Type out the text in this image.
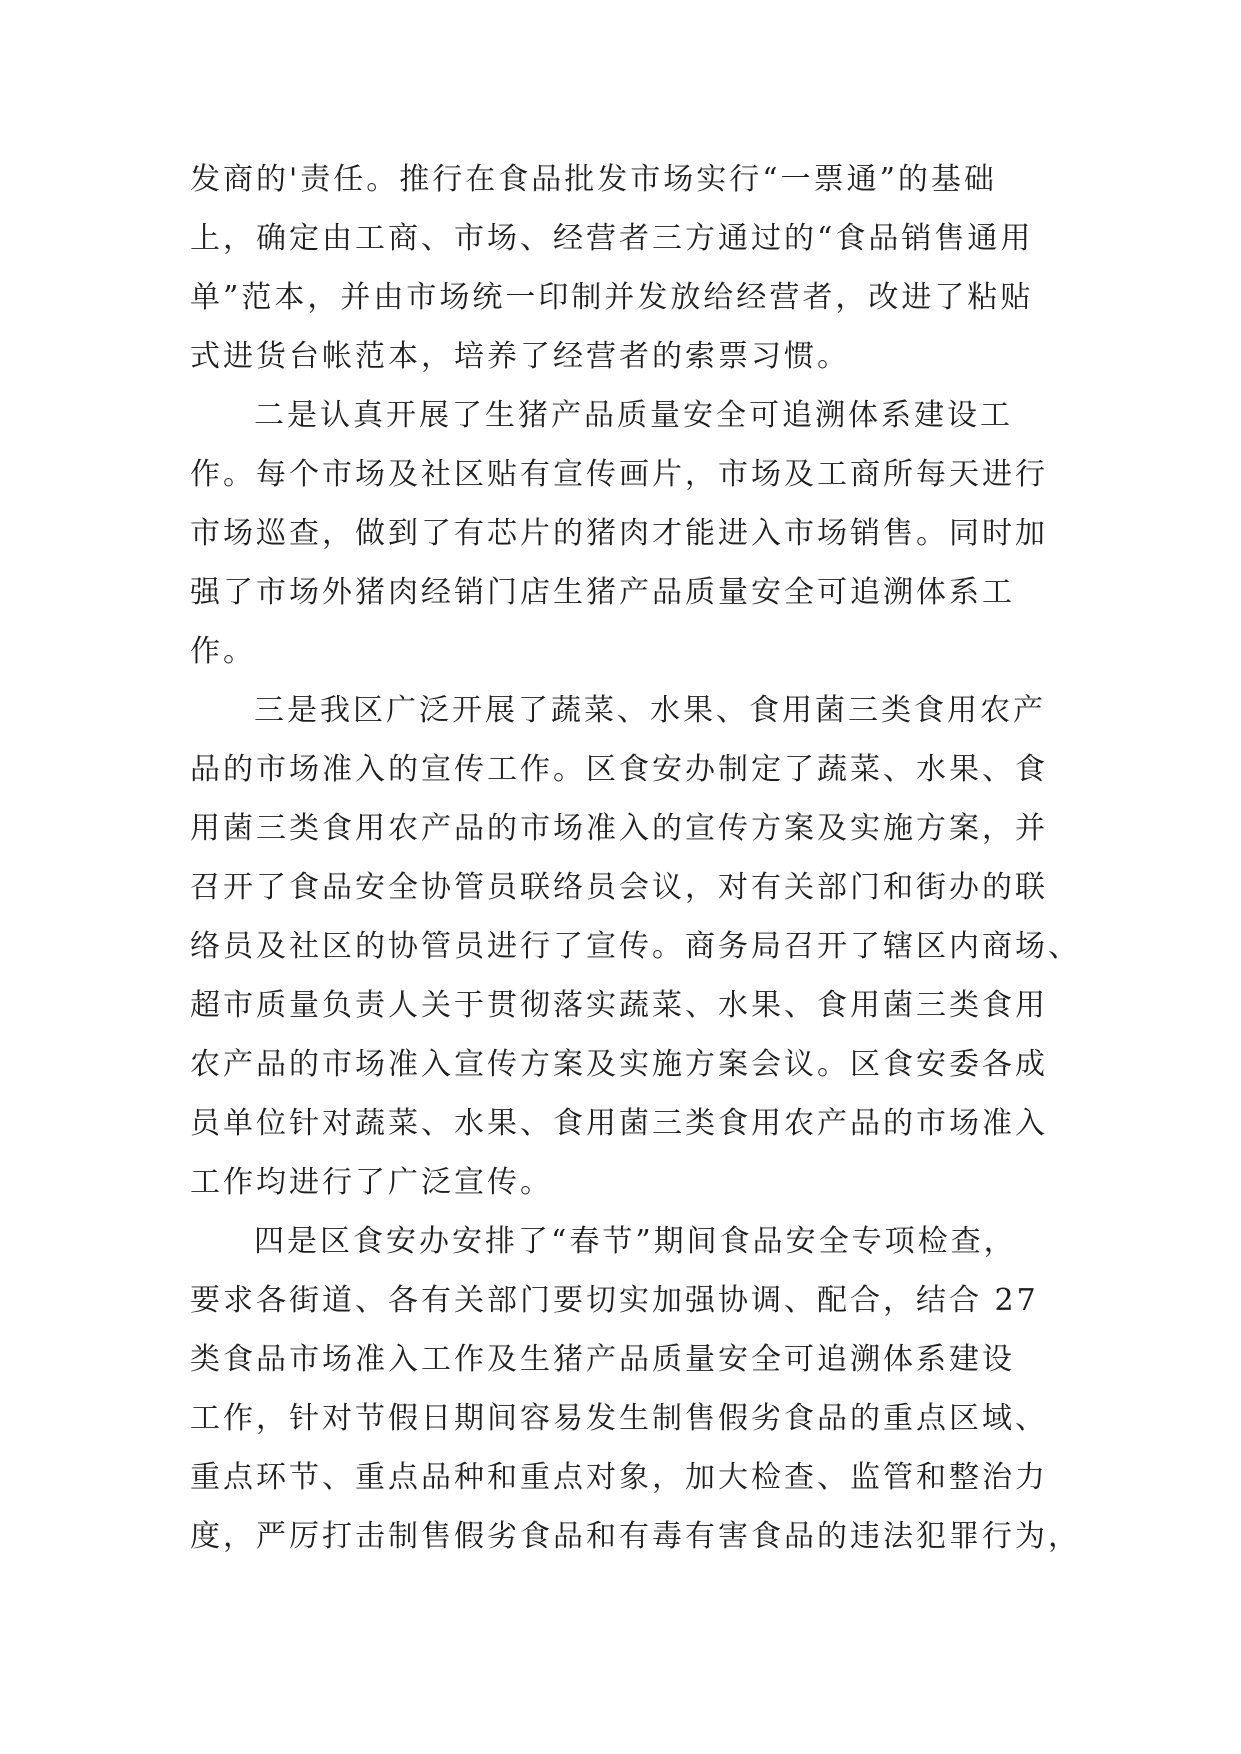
发商的'责任。推行在食品批发市场实行“一票通”的基础
上，确定由工商、市场、经营者三方通过的“食品销售通用
单”范本，并由市场统一印制并发放给经营者，改进了粘贴
式进货台帐范本，培养了经营者的索票习惯。
二是认真开展了生猪产品质量安全可追溯体系建设工
作。每个市场及社区贴有宣传画片，市场及工商所每天进行
市场巡查，做到了有芯片的猪肉才能进入市场销售。同时加
强了市场外猪肉经销门店生猪产品质量安全可追溯体系工
作。
三是我区广泛开展了蔬菜、水果、食用菌三类食用农产
品的市场准入的宣传工作。区食安办制定了蔬菜、水果、食
用菌三类食用农产品的市场准入的宣传方案及实施方案，并
召开了食品安全协管员联络员会议，对有关部门和街办的联
络员及社区的协管员进行了宣传。商务局召开了辖区内商场、
超市质量负责人关于贯彻落实蔬菜、水果、食用菌三类食用
农产品的市场准入宣传方案及实施方案会议。区食安委各成
员单位针对蔬菜、水果、食用菌三类食用农产品的市场准入
工作均进行了广泛宣传。
四是区食安办安排了“春节”期间食品安全专项检查，
要求各街道、各有关部门要切实加强协调、配合，结合 27
类食品市场准入工作及生猪产品质量安全可追溯体系建设
工作，针对节假日期间容易发生制售假劣食品的重点区域、
重点环节、重点品种和重点对象，加大检查、监管和整治力
度，严厉打击制售假劣食品和有毒有害食品的违法犯罪行为，
